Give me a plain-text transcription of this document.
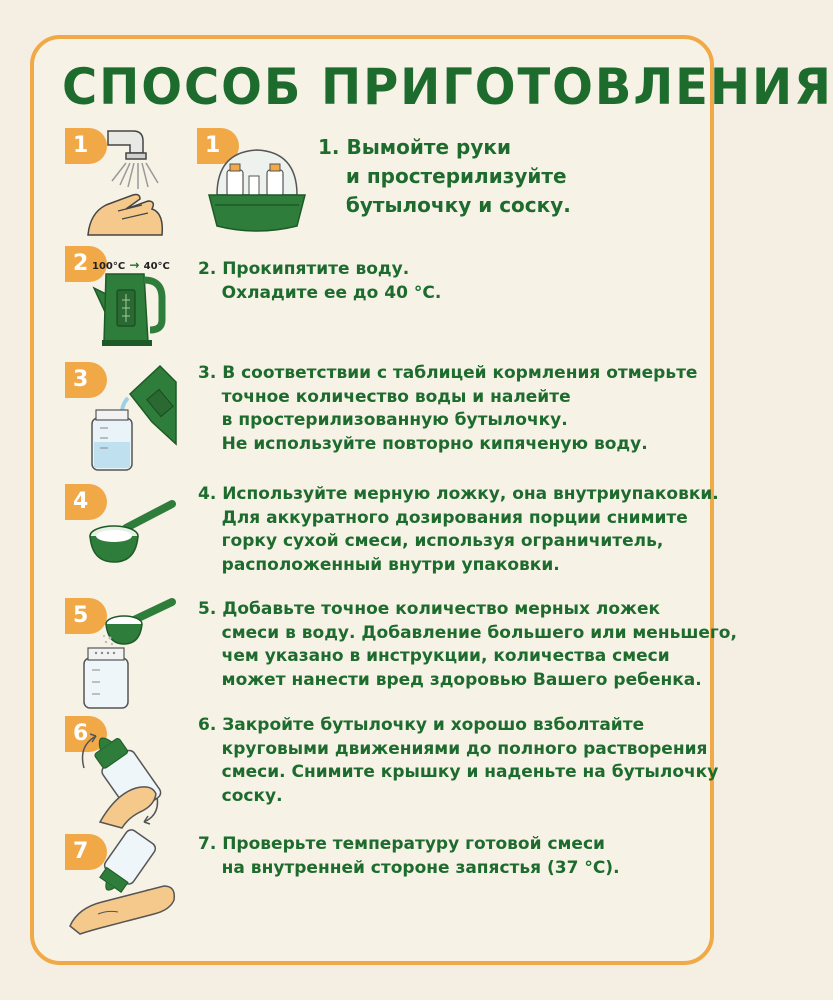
СПОСОБ ПРИГОТОВЛЕНИЯ
1	1	1. Вымойте руки
и простерилизуйте
бутылочку и соску.
2 100°C → 40°C 2. Прокипятите воду.
Охладите ее до 40 °C.
3	3. В соответствии с таблицей кормления отмерьте
точное количество воды и налейте
в простерилизованную бутылочку.
Не используйте повторно кипяченую воду.
4	4. Используйте мерную ложку, она внутриупаковки.
Для аккуратного дозирования порции снимите
горку сухой смеси, используя ограничитель,
расположенный внутри упаковки.
5	5. Добавьте точное количество мерных ложек
смеси в воду. Добавление большего или меньшего,
чем указано в инструкции, количества смеси
может нанести вред здоровью Вашего ребенка.
6	6. Закройте бутылочку и хорошо взболтайте
круговыми движениями до полного растворения
смеси. Снимите крышку и наденьте на бутылочку
соску.
7	7. Проверьте температуру готовой смеси
на внутренней стороне запястья (37 °C).
